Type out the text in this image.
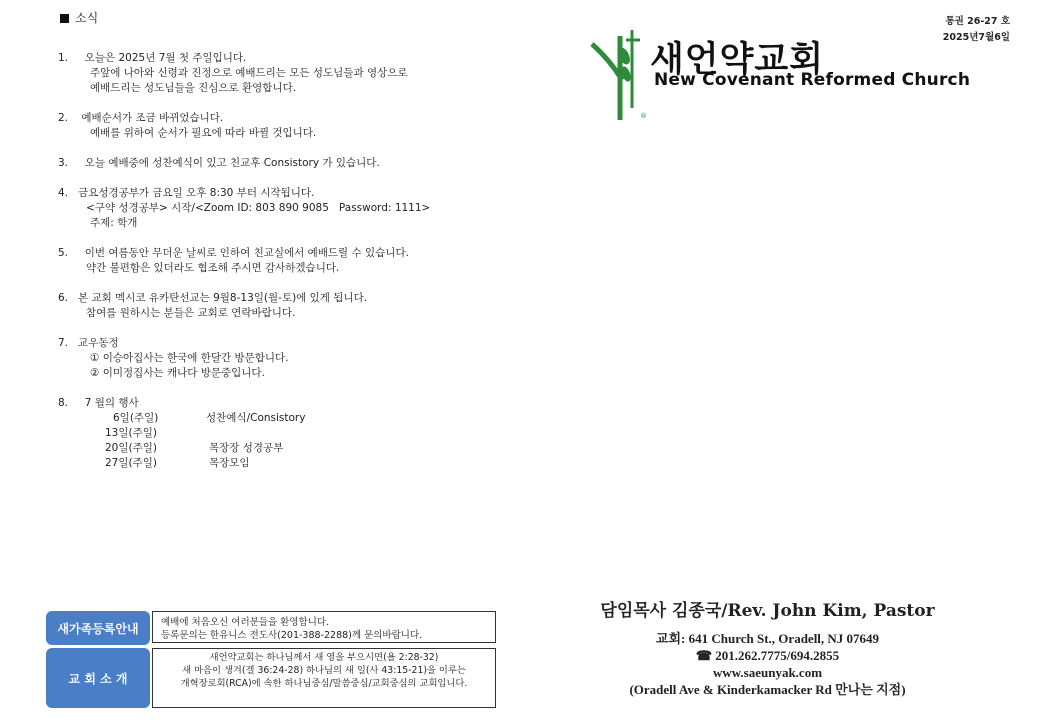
소식
1. 오늘은 2025년 7월 첫 주일입니다.
주앞에 나아와 신령과 진정으로 예배드리는 모든 성도님들과 영상으로
예배드리는 성도님들을 진심으로 환영합니다.
2. 예배순서가 조금 바뀌었습니다.
예배를 위하여 순서가 필요에 따라 바뀔 것입니다.
3. 오늘 예배중에 성찬예식이 있고 친교후 Consistory 가 있습니다.
4. 금요성경공부가 금요일 오후 8:30 부터 시작됩니다.
<구약 성경공부> 시작/<Zoom ID: 803 890 9085   Password: 1111>
주제: 학개
5. 이번 여름동안 무더운 날씨로 인하여 친교실에서 예배드릴 수 있습니다.
약간 불편함은 있더라도 협조해 주시면 감사하겠습니다.
6. 본 교회 멕시코 유카탄선교는 9월8-13일(월-토)에 있게 됩니다.
참여를 원하시는 분들은 교회로 연락바랍니다.
7. 교우동정
① 이승아집사는 한국에 한달간 방문합니다.
② 이미정집사는 캐나다 방문중입니다.
8. 7 월의 행사
6일(주일)	성찬예식/Consistory
13일(주일)
20일(주일)	목장장 성경공부
27일(주일)	목장모임
새가족등록안내	예배에 처음오신 여러분들을 환영합니다.
등록문의는 한유니스 전도사(201-388-2288)께 문의바랍니다.
교 회 소 개
새언약교회는 하나님께서 새 영을 부으시면(욜 2:28-32)
새 마음이 생겨(겔 36:24-28) 하나님의 새 일(사 43:15-21)을 이루는
개혁장로회(RCA)에 속한 하나님중심/말씀중심/교회중심의 교회입니다.
통권 26-27 호
2025년7월6일
®
새언약교회
New Covenant Reformed Church
담임목사 김종국/Rev. John Kim, Pastor
교회: 641 Church St., Oradell, NJ 07649
☎ 201.262.7775/694.2855
www.saeunyak.com
(Oradell Ave & Kinderkamacker Rd 만나는 지점)
